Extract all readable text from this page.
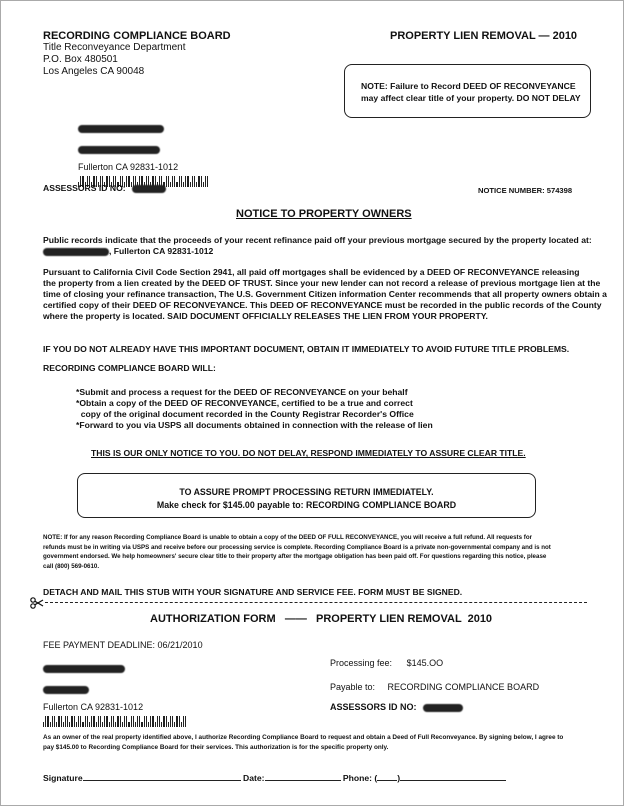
RECORDING COMPLIANCE BOARD
Title Reconveyance Department
P.O. Box 480501
Los Angeles CA 90048
PROPERTY LIEN REMOVAL — 2010
NOTE: Failure to Record DEED OF RECONVEYANCE
may affect clear title of your property. DO NOT DELAY
Fullerton CA 92831-1012
ASSESSORS ID NO:	NOTICE NUMBER: 574398
NOTICE TO PROPERTY OWNERS
Public records indicate that the proceeds of your recent refinance paid off your previous mortgage secured by the property located at:
, Fullerton CA 92831-1012
Pursuant to California Civil Code Section 2941, all paid off mortgages shall be evidenced by a DEED OF RECONVEYANCE releasing
the property from a lien created by the DEED OF TRUST. Since your new lender can not record a release of previous mortgage lien at the
time of closing your refinance transaction, The U.S. Government Citizen information Center recommends that all property owners obtain a
certified copy of their DEED OF RECONVEYANCE. This DEED OF RECONVEYANCE must be recorded in the public records of the County
where the property is located. SAID DOCUMENT OFFICIALLY RELEASES THE LIEN FROM YOUR PROPERTY.
IF YOU DO NOT ALREADY HAVE THIS IMPORTANT DOCUMENT, OBTAIN IT IMMEDIATELY TO AVOID FUTURE TITLE PROBLEMS.
RECORDING COMPLIANCE BOARD WILL:
*Submit and process a request for the DEED OF RECONVEYANCE on your behalf
*Obtain a copy of the DEED OF RECONVEYANCE, certified to be a true and correct
copy of the original document recorded in the County Registrar Recorder's Office
*Forward to you via USPS all documents obtained in connection with the release of lien
THIS IS OUR ONLY NOTICE TO YOU. DO NOT DELAY, RESPOND IMMEDIATELY TO ASSURE CLEAR TITLE.
TO ASSURE PROMPT PROCESSING RETURN IMMEDIATELY.
Make check for $145.00 payable to: RECORDING COMPLIANCE BOARD
NOTE: If for any reason Recording Compliance Board is unable to obtain a copy of the DEED OF FULL RECONVEYANCE, you will receive a full refund. All requests for
refunds must be in writing via USPS and receive before our processing service is complete. Recording Compliance Board is a private non-governmental company and is not
government endorsed. We help homeowners' secure clear title to their property after the mortgage obligation has been paid off. For questions regarding this notice, please
call (800) 569-0610.
DETACH AND MAIL THIS STUB WITH YOUR SIGNATURE AND SERVICE FEE. FORM MUST BE SIGNED.
AUTHORIZATION FORM   ——   PROPERTY LIEN REMOVAL  2010
FEE PAYMENT DEADLINE: 06/21/2010
Fullerton CA 92831-1012
Processing fee: $145.OO
Payable to: RECORDING COMPLIANCE BOARD
ASSESSORS ID NO:
As an owner of the real property identified above, I authorize Recording Compliance Board to request and obtain a Deed of Full Reconveyance. By signing below, I agree to
pay $145.00 to Recording Compliance Board for their services. This authorization is for the specific property only.
Signature	Date:	Phone: ( )
